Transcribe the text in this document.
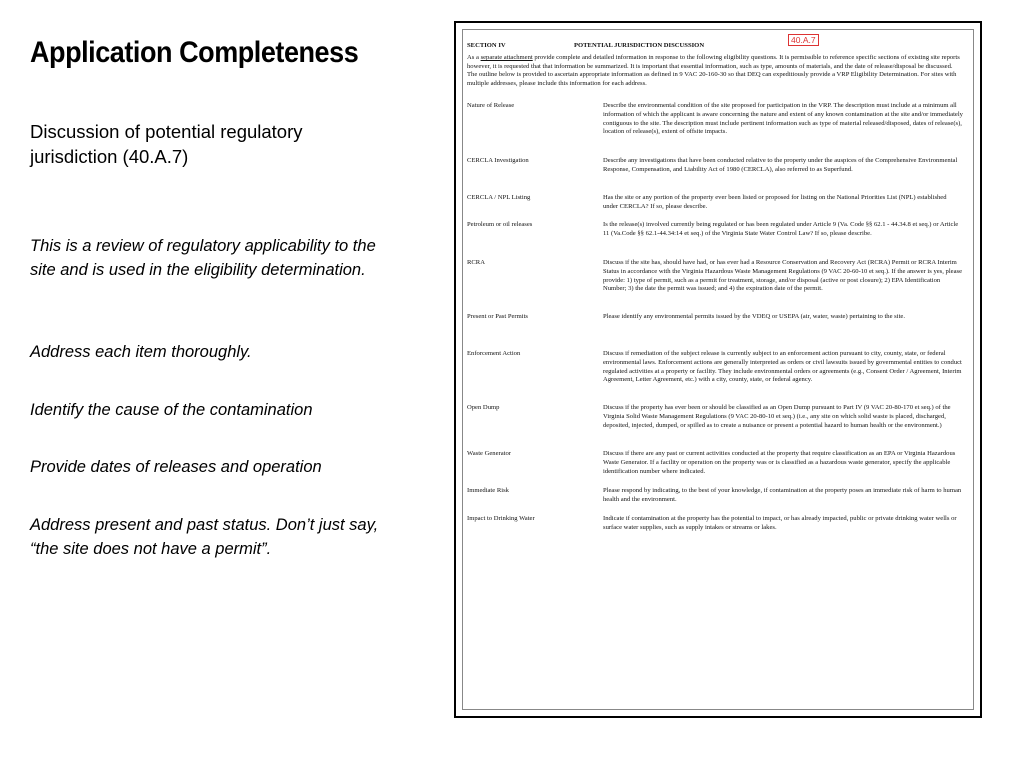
Application Completeness
Discussion of potential regulatory jurisdiction (40.A.7)

This is a review of regulatory applicability to the site and is used in the eligibility determination.

Address each item thoroughly.

Identify the cause of the contamination

Provide dates of releases and operation

Address present and past status. Don’t just say, “the site does not have a permit”.

SECTION IV	POTENTIAL JURISDICTION DISCUSSION
40.A.7

As a separate attachment provide complete and detailed information in response to the following eligibility questions. It is permissible to reference specific sections of existing site reports however, it is requested that that information be summarized. It is important that essential information, such as type, amounts of materials, and the date of release/disposal be discussed. The outline below is provided to ascertain appropriate information as defined in 9 VAC 20-160-30 so that DEQ can expeditiously provide a VRP Eligibility Determination. For sites with multiple addresses, please include this information for each address.

Nature of Release	Describe the environmental condition of the site proposed for participation in the VRP. The description must include at a minimum all information of which the applicant is aware concerning the nature and extent of any known contamination at the site and/or immediately contiguous to the site. The description must include pertinent information such as type of material released/disposed, dates of release(s), location of release(s), extent of offsite impacts.
CERCLA Investigation	Describe any investigations that have been conducted relative to the property under the auspices of the Comprehensive Environmental Response, Compensation, and Liability Act of 1980 (CERCLA), also referred to as Superfund.
CERCLA / NPL Listing	Has the site or any portion of the property ever been listed or proposed for listing on the National Priorities List (NPL) established under CERCLA? If so, please describe.
Petroleum or oil releases	Is the release(s) involved currently being regulated or has been regulated under Article 9 (Va. Code §§ 62.1 - 44.34.8 et seq.) or Article 11 (Va.Code §§ 62.1-44.34:14 et seq.) of the Virginia State Water Control Law? If so, please describe.
RCRA	Discuss if the site has, should have had, or has ever had a Resource Conservation and Recovery Act (RCRA) Permit or RCRA Interim Status in accordance with the Virginia Hazardous Waste Management Regulations (9 VAC 20-60-10 et seq.). If the answer is yes, please provide: 1) type of permit, such as a permit for treatment, storage, and/or disposal (active or post closure); 2) EPA Identification Number; 3) the date the permit was issued; and 4) the expiration date of the permit.
Present or Past Permits	Please identify any environmental permits issued by the VDEQ or USEPA (air, water, waste) pertaining to the site.
Enforcement Action	Discuss if remediation of the subject release is currently subject to an enforcement action pursuant to city, county, state, or federal environmental laws. Enforcement actions are generally interpreted as orders or civil lawsuits issued by governmental entities to conduct regulated activities at a property or facility. They include environmental orders or agreements (e.g., Consent Order / Agreement, Interim Agreement, Letter Agreement, etc.) with a city, county, state, or federal agency.
Open Dump	Discuss if the property has ever been or should be classified as an Open Dump pursuant to Part IV (9 VAC 20-80-170 et seq.) of the Virginia Solid Waste Management Regulations (9 VAC 20-80-10 et seq.) (i.e., any site on which solid waste is placed, discharged, deposited, injected, dumped, or spilled as to create a nuisance or present a potential hazard to human health or the environment.)
Waste Generator	Discuss if there are any past or current activities conducted at the property that require classification as an EPA or Virginia Hazardous Waste Generator. If a facility or operation on the property was or is classified as a hazardous waste generator, specify the applicable identification number where indicated.
Immediate Risk	Please respond by indicating, to the best of your knowledge, if contamination at the property poses an immediate risk of harm to human health and the environment.
Impact to Drinking Water	Indicate if contamination at the property has the potential to impact, or has already impacted, public or private drinking water wells or surface water supplies, such as supply intakes or streams or lakes.
